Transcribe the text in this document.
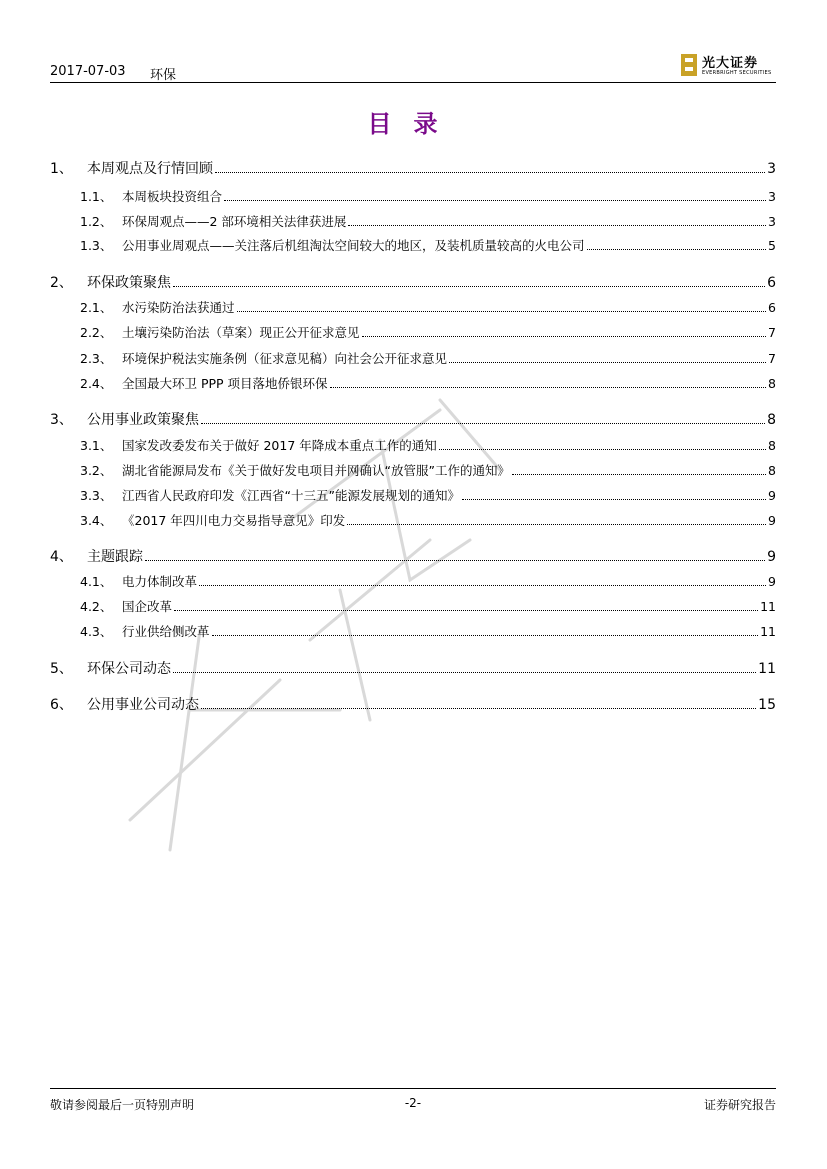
2017-07-03 环保
光大证券
EVERBRIGHT SECURITIES
目录
1、	本周观点及行情回顾	3
1.1、 本周板块投资组合	3
1.2、 环保周观点——2 部环境相关法律获进展	3
1.3、 公用事业周观点——关注落后机组淘汰空间较大的地区，及装机质量较高的火电公司	5
2、	环保政策聚焦	6
2.1、 水污染防治法获通过	6
2.2、 土壤污染防治法（草案）现正公开征求意见	7
2.3、 环境保护税法实施条例（征求意见稿）向社会公开征求意见	7
2.4、 全国最大环卫 PPP 项目落地侨银环保	8
3、	公用事业政策聚焦	8
3.1、 国家发改委发布关于做好 2017 年降成本重点工作的通知	8
3.2、 湖北省能源局发布《关于做好发电项目并网确认“放管服”工作的通知》	8
3.3、 江西省人民政府印发《江西省“十三五”能源发展规划的通知》	9
3.4、 《2017 年四川电力交易指导意见》印发	9
4、	主题跟踪	9
4.1、 电力体制改革	9
4.2、 国企改革	11
4.3、 行业供给侧改革	11
5、	环保公司动态	11
6、	公用事业公司动态	15
敬请参阅最后一页特别声明	-2-	证券研究报告
